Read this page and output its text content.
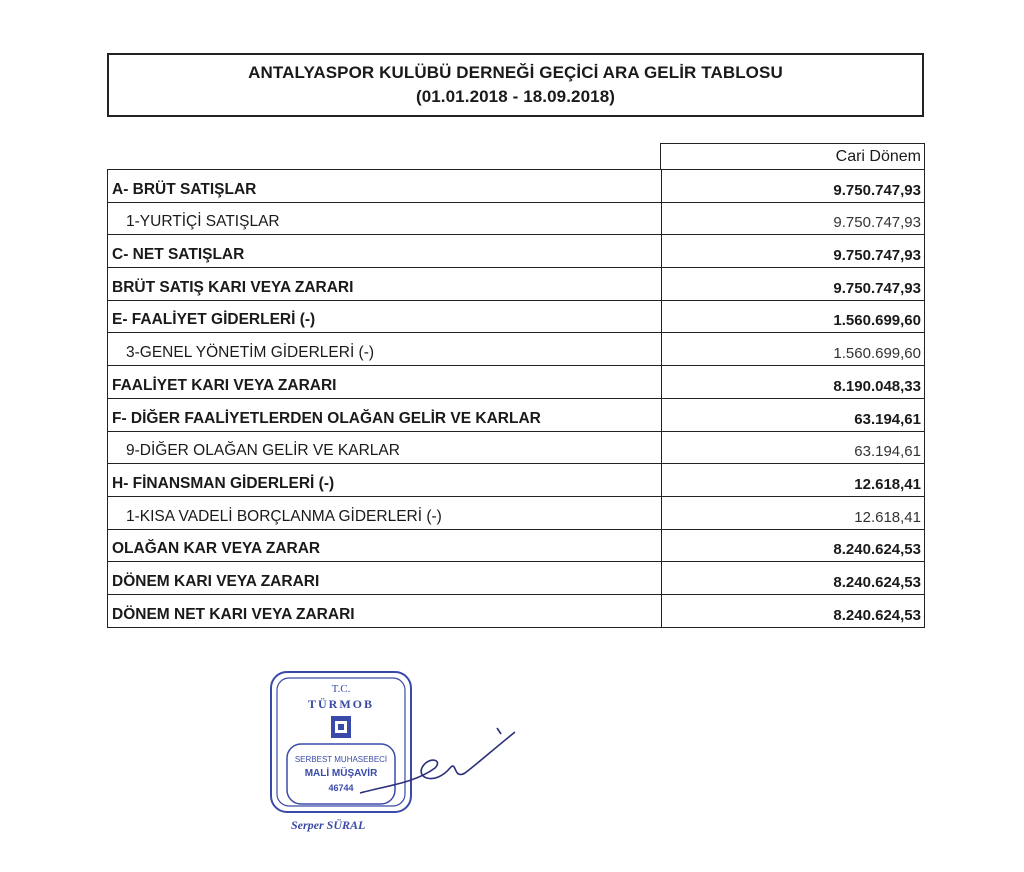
ANTALYASPOR KULÜBÜ DERNEĞİ GEÇİCİ ARA GELİR TABLOSU
(01.01.2018 - 18.09.2018)
Cari Dönem
A- BRÜT SATIŞLAR	9.750.747,93
1-YURTİÇİ SATIŞLAR	9.750.747,93
C- NET SATIŞLAR	9.750.747,93
BRÜT SATIŞ KARI VEYA ZARARI	9.750.747,93
E- FAALİYET GİDERLERİ (-)	1.560.699,60
3-GENEL YÖNETİM GİDERLERİ (-)	1.560.699,60
FAALİYET KARI VEYA ZARARI	8.190.048,33
F- DİĞER FAALİYETLERDEN OLAĞAN GELİR VE KARLAR	63.194,61
9-DİĞER OLAĞAN GELİR VE KARLAR	63.194,61
H- FİNANSMAN GİDERLERİ (-)	12.618,41
1-KISA VADELİ BORÇLANMA GİDERLERİ (-)	12.618,41
OLAĞAN KAR VEYA ZARAR	8.240.624,53
DÖNEM KARI VEYA ZARARI	8.240.624,53
DÖNEM NET KARI VEYA ZARARI	8.240.624,53
T.C.
TÜRMOB
SERBEST MUHASEBECİ
MALİ MÜŞAVİR
46744
Serper SÜRAL
